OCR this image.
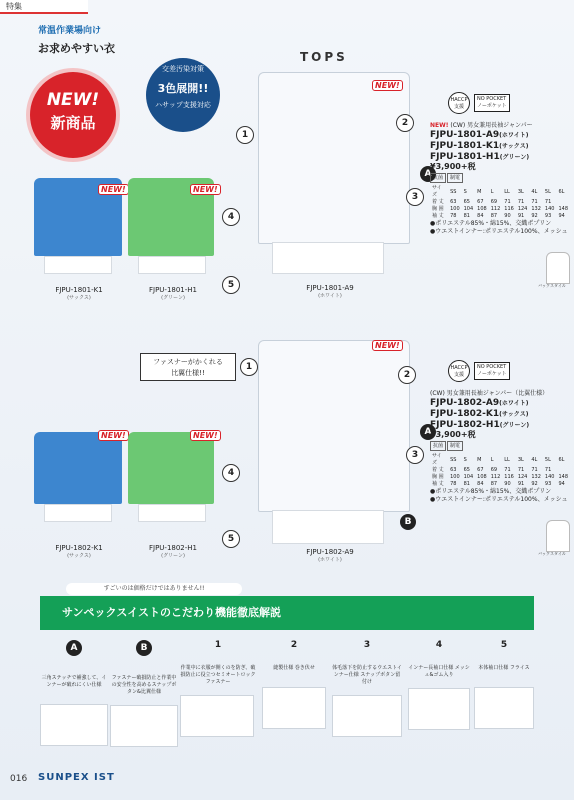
特集
常温作業場向け
お求めやすい衣
NEW!
新商品
交差汚染対策
3色展開!!
ハサップ支援対応
TOPS
NEW!	NEW!
FJPU-1801-K1
(サックス)
FJPU-1801-H1
(グリーン)
NEW!
FJPU-1801-A9
(ホワイト)
1
2
3
4
5
A
HACCP
支援
NO POCKET
ノーポケット
NEW! (CW) 男女兼用長袖ジャンパー
FJPU-1801-A9(ホワイト)
FJPU-1801-K1(サックス)
FJPU-1801-H1(グリーン)
¥3,900+税
抗菌 制電
サイズ	SS	S	M	L	LL	3L	4L	5L	6L
着 丈	63	65	67	69	71	71	71	71	
胸 囲	100	104	108	112	116	124	132	140	148
袖 丈	78	81	84	87	90	91	92	93	94
●ポリエステル85%・綿15%、交織ポプリン
●ウエストインナー:ポリエステル100%、メッシュ
バックスタイル
ファスナーがかくれる
比翼仕様!!
NEW!	NEW!
FJPU-1802-K1
(サックス)
FJPU-1802-H1
(グリーン)
NEW!
FJPU-1802-A9
(ホワイト)
1
2
3
4
5
A
B
HACCP
支援
NO POCKET
ノーポケット
(CW) 男女兼用長袖ジャンパー（比翼仕様）
FJPU-1802-A9(ホワイト)
FJPU-1802-K1(サックス)
FJPU-1802-H1(グリーン)
¥3,900+税
抗菌 制電
サイズ	SS	S	M	L	LL	3L	4L	5L	6L
着 丈	63	65	67	69	71	71	71	71	
胸 囲	100	104	108	112	116	124	132	140	148
袖 丈	78	81	84	87	90	91	92	93	94
●ポリエステル85%・綿15%、交織ポプリン
●ウエストインナー:ポリエステル100%、メッシュ
バックスタイル
すごいのは価格だけではありません!!
サンペックスイストのこだわり機能徹底解説
A
三角ステッチで補強して、インナーが破れにくい仕様
B
ファスナー破損防止と作業中の安全性を高めるスナップボタン&比翼仕様
1
作業中に衣服が開くのを防ぎ、破損防止に役立つセミオートロックファスナー
2
縫製仕様 巻き伏せ
3
体毛落下を防止するウエストインナー仕様 スナップボタン留付け
4
インナー長袖口仕様 メッシュ&ゴム入り
5
本体袖口仕様 フライス
016 SUNPEX IST
